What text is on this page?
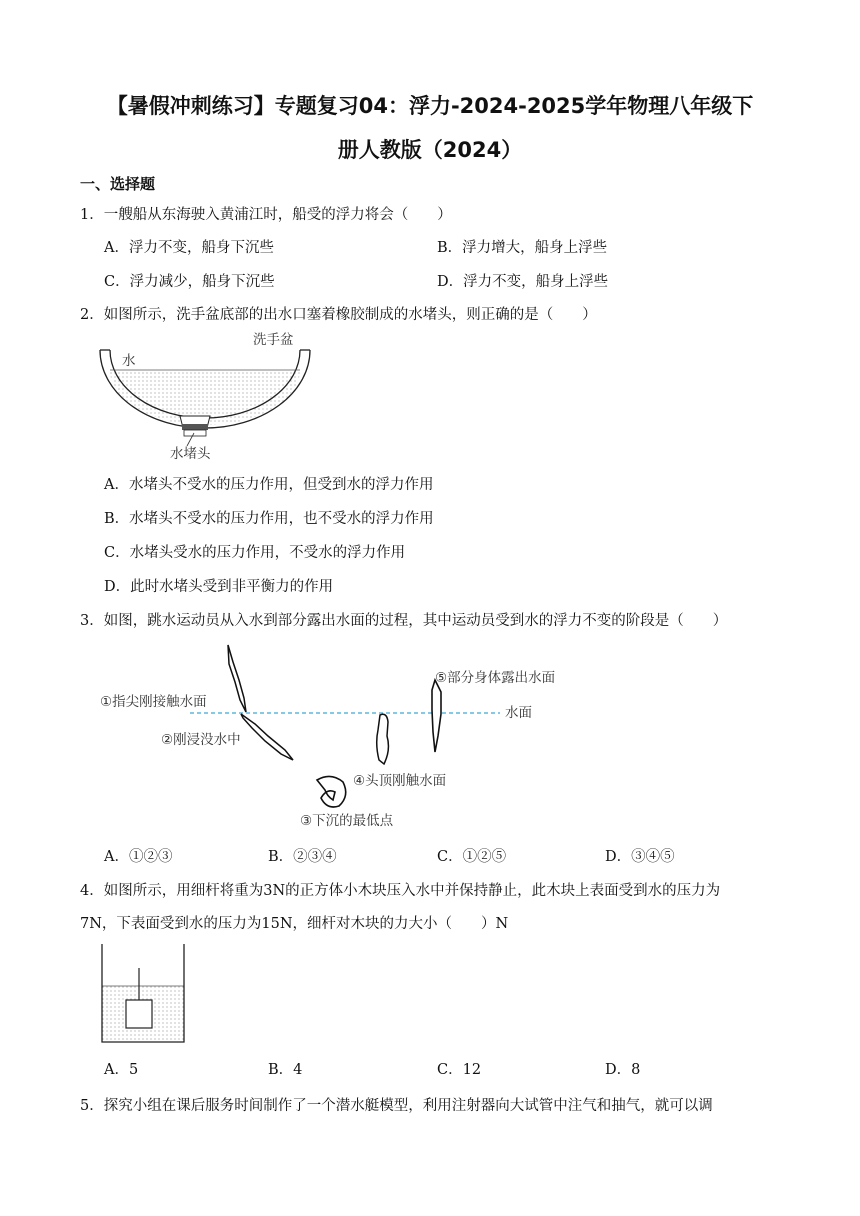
【暑假冲刺练习】专题复习04：浮力-2024-2025学年物理八年级下
册人教版（2024）
一、选择题
1．一艘船从东海驶入黄浦江时，船受的浮力将会（　　）
A．浮力不变，船身下沉些	B．浮力增大，船身上浮些
C．浮力减少，船身下沉些	D．浮力不变，船身上浮些
2．如图所示，洗手盆底部的出水口塞着橡胶制成的水堵头，则正确的是（　　）
水
洗手盆
水堵头
A．水堵头不受水的压力作用，但受到水的浮力作用
B．水堵头不受水的压力作用，也不受水的浮力作用
C．水堵头受水的压力作用，不受水的浮力作用
D．此时水堵头受到非平衡力的作用
3．如图，跳水运动员从入水到部分露出水面的过程，其中运动员受到水的浮力不变的阶段是（　　）
①指尖刚接触水面
②刚浸没水中
③下沉的最低点
④头顶刚触水面
⑤部分身体露出水面
水面
A．①②③	B．②③④	C．①②⑤	D．③④⑤
4．如图所示，用细杆将重为3N的正方体小木块压入水中并保持静止，此木块上表面受到水的压力为
7N，下表面受到水的压力为15N，细杆对木块的力大小（　　）N
A．5	B．4	C．12	D．8
5．探究小组在课后服务时间制作了一个潜水艇模型，利用注射器向大试管中注气和抽气，就可以调
